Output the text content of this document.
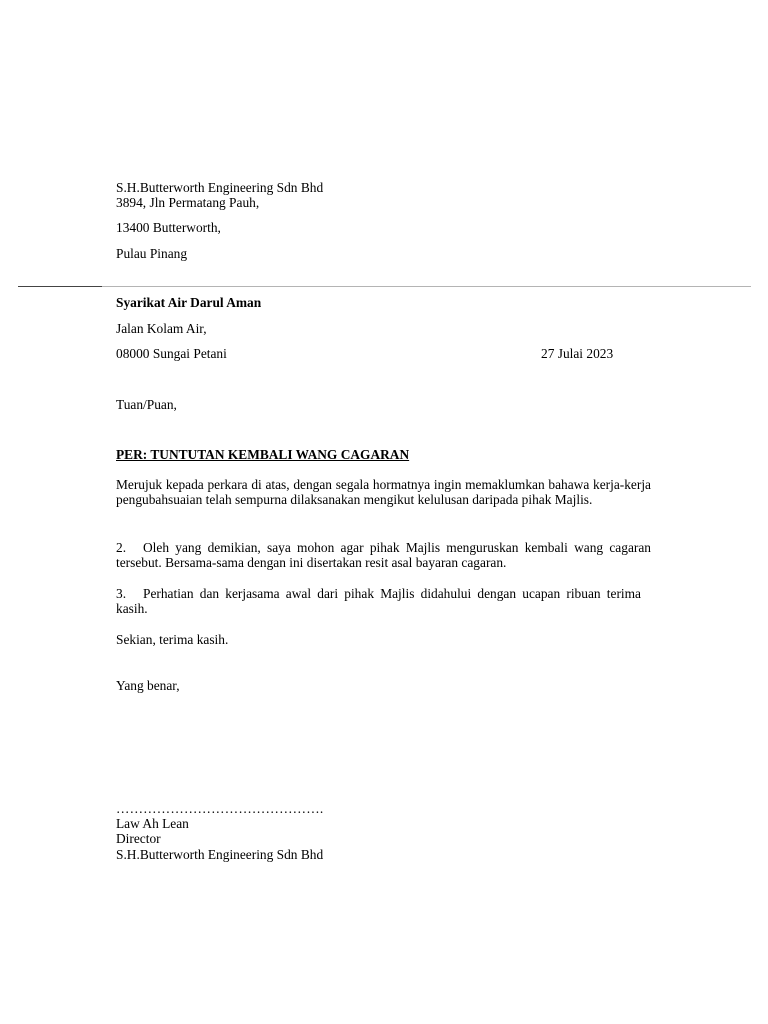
S.H.Butterworth Engineering Sdn Bhd
3894, Jln Permatang Pauh,
13400 Butterworth,
Pulau Pinang
Syarikat Air Darul Aman
Jalan Kolam Air,
08000 Sungai Petani	27 Julai 2023
Tuan/Puan,
PER: TUNTUTAN KEMBALI WANG CAGARAN
Merujuk kepada perkara di atas, dengan segala hormatnya ingin memaklumkan bahawa kerja-kerja pengubahsuaian telah sempurna dilaksanakan mengikut kelulusan daripada pihak Majlis.
2. Oleh yang demikian, saya mohon agar pihak Majlis menguruskan kembali wang cagaran tersebut. Bersama-sama dengan ini disertakan resit asal bayaran cagaran.
3. Perhatian dan kerjasama awal dari pihak Majlis didahului dengan ucapan ribuan terima kasih.
Sekian, terima kasih.
Yang benar,
……………………………………….
Law Ah Lean
Director
S.H.Butterworth Engineering Sdn Bhd
